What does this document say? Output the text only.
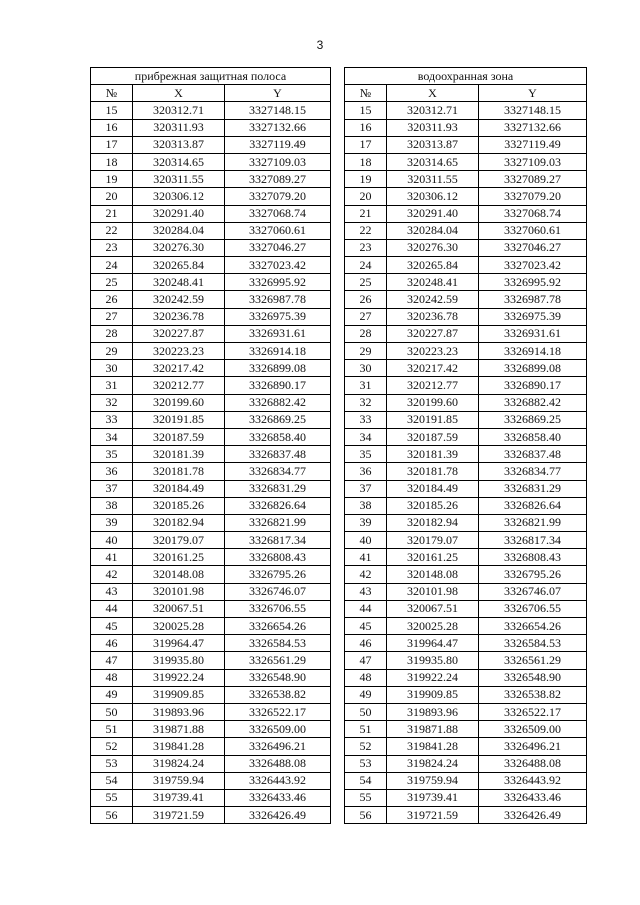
3
прибрежная защитная полоса		
№	X	Y
15	320312.71	3327148.15
16	320311.93	3327132.66
17	320313.87	3327119.49
18	320314.65	3327109.03
19	320311.55	3327089.27
20	320306.12	3327079.20
21	320291.40	3327068.74
22	320284.04	3327060.61
23	320276.30	3327046.27
24	320265.84	3327023.42
25	320248.41	3326995.92
26	320242.59	3326987.78
27	320236.78	3326975.39
28	320227.87	3326931.61
29	320223.23	3326914.18
30	320217.42	3326899.08
31	320212.77	3326890.17
32	320199.60	3326882.42
33	320191.85	3326869.25
34	320187.59	3326858.40
35	320181.39	3326837.48
36	320181.78	3326834.77
37	320184.49	3326831.29
38	320185.26	3326826.64
39	320182.94	3326821.99
40	320179.07	3326817.34
41	320161.25	3326808.43
42	320148.08	3326795.26
43	320101.98	3326746.07
44	320067.51	3326706.55
45	320025.28	3326654.26
46	319964.47	3326584.53
47	319935.80	3326561.29
48	319922.24	3326548.90
49	319909.85	3326538.82
50	319893.96	3326522.17
51	319871.88	3326509.00
52	319841.28	3326496.21
53	319824.24	3326488.08
54	319759.94	3326443.92
55	319739.41	3326433.46
56	319721.59	3326426.49
водоохранная зона		
№	X	Y
15	320312.71	3327148.15
16	320311.93	3327132.66
17	320313.87	3327119.49
18	320314.65	3327109.03
19	320311.55	3327089.27
20	320306.12	3327079.20
21	320291.40	3327068.74
22	320284.04	3327060.61
23	320276.30	3327046.27
24	320265.84	3327023.42
25	320248.41	3326995.92
26	320242.59	3326987.78
27	320236.78	3326975.39
28	320227.87	3326931.61
29	320223.23	3326914.18
30	320217.42	3326899.08
31	320212.77	3326890.17
32	320199.60	3326882.42
33	320191.85	3326869.25
34	320187.59	3326858.40
35	320181.39	3326837.48
36	320181.78	3326834.77
37	320184.49	3326831.29
38	320185.26	3326826.64
39	320182.94	3326821.99
40	320179.07	3326817.34
41	320161.25	3326808.43
42	320148.08	3326795.26
43	320101.98	3326746.07
44	320067.51	3326706.55
45	320025.28	3326654.26
46	319964.47	3326584.53
47	319935.80	3326561.29
48	319922.24	3326548.90
49	319909.85	3326538.82
50	319893.96	3326522.17
51	319871.88	3326509.00
52	319841.28	3326496.21
53	319824.24	3326488.08
54	319759.94	3326443.92
55	319739.41	3326433.46
56	319721.59	3326426.49
